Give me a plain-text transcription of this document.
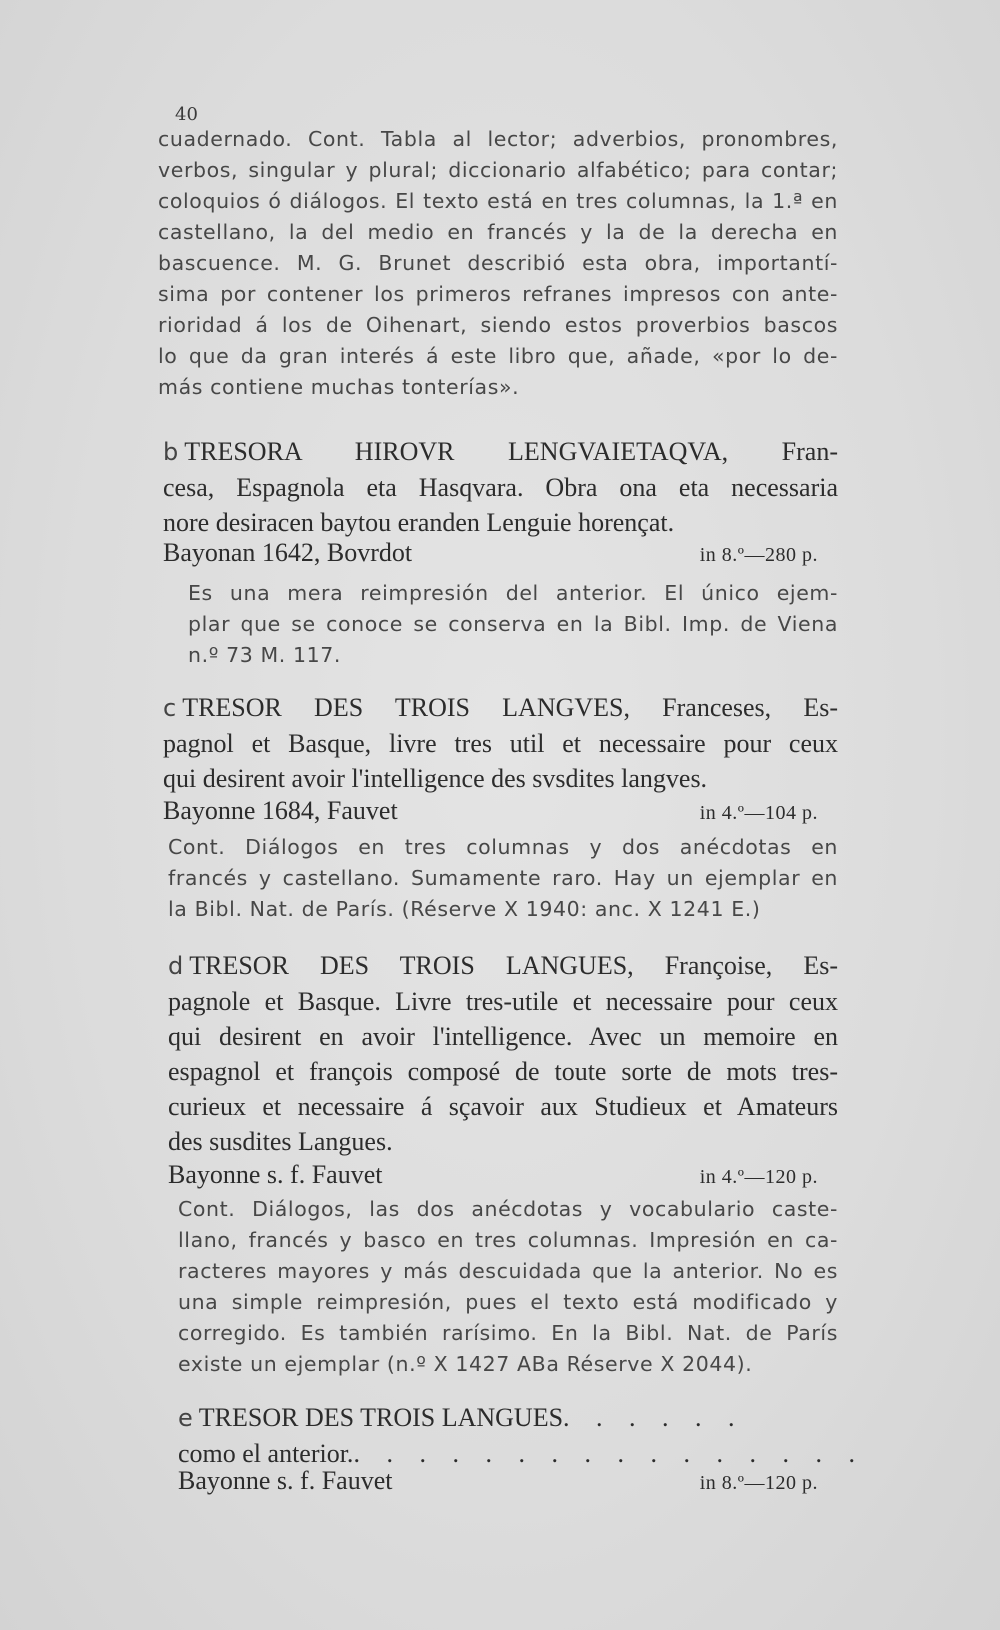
40
cuadernado. Cont. Tabla al lector; adverbios, pronombres,
verbos, singular y plural; diccionario alfabético; para contar;
coloquios ó diálogos. El texto está en tres columnas, la 1.ª en
castellano, la del medio en francés y la de la derecha en
bascuence. M. G. Brunet describió esta obra, importantí-
sima por contener los primeros refranes impresos con ante-
rioridad á los de Oihenart, siendo estos proverbios bascos
lo que da gran interés á este libro que, añade, «por lo de-
más contiene muchas tonterías».
b TRESORA HIROVR LENGVAIETAQVA, Fran-
cesa, Espagnola eta Hasqvara. Obra ona eta necessaria
nore desiracen baytou eranden Lenguie horençat.
Bayonan 1642, Bovrdot	in 8.º—280 p.
Es una mera reimpresión del anterior. El único ejem-
plar que se conoce se conserva en la Bibl. Imp. de Viena
n.º 73 M. 117.
c TRESOR DES TROIS LANGVES, Franceses, Es-
pagnol et Basque, livre tres util et necessaire pour ceux
qui desirent avoir l'intelligence des svsdites langves.
Bayonne 1684, Fauvet	in 4.º—104 p.
Cont. Diálogos en tres columnas y dos anécdotas en
francés y castellano. Sumamente raro. Hay un ejemplar en
la Bibl. Nat. de París. (Réserve X 1940: anc. X 1241 E.)
d TRESOR DES TROIS LANGUES, Françoise, Es-
pagnole et Basque. Livre tres-utile et necessaire pour ceux
qui desirent en avoir l'intelligence. Avec un memoire en
espagnol et françois composé de toute sorte de mots tres-
curieux et necessaire á sçavoir aux Studieux et Amateurs
des susdites Langues.
Bayonne s. f. Fauvet	in 4.º—120 p.
Cont. Diálogos, las dos anécdotas y vocabulario caste-
llano, francés y basco en tres columnas. Impresión en ca-
racteres mayores y más descuidada que la anterior. No es
una simple reimpresión, pues el texto está modificado y
corregido. Es también rarísimo. En la Bibl. Nat. de París
existe un ejemplar (n.º X 1427 ABa Réserve X 2044).
e TRESOR DES TROIS LANGUES. . . . . .
como el anterior.. . . . . . . . . . . . . . . .
Bayonne s. f. Fauvet	in 8.º—120 p.
